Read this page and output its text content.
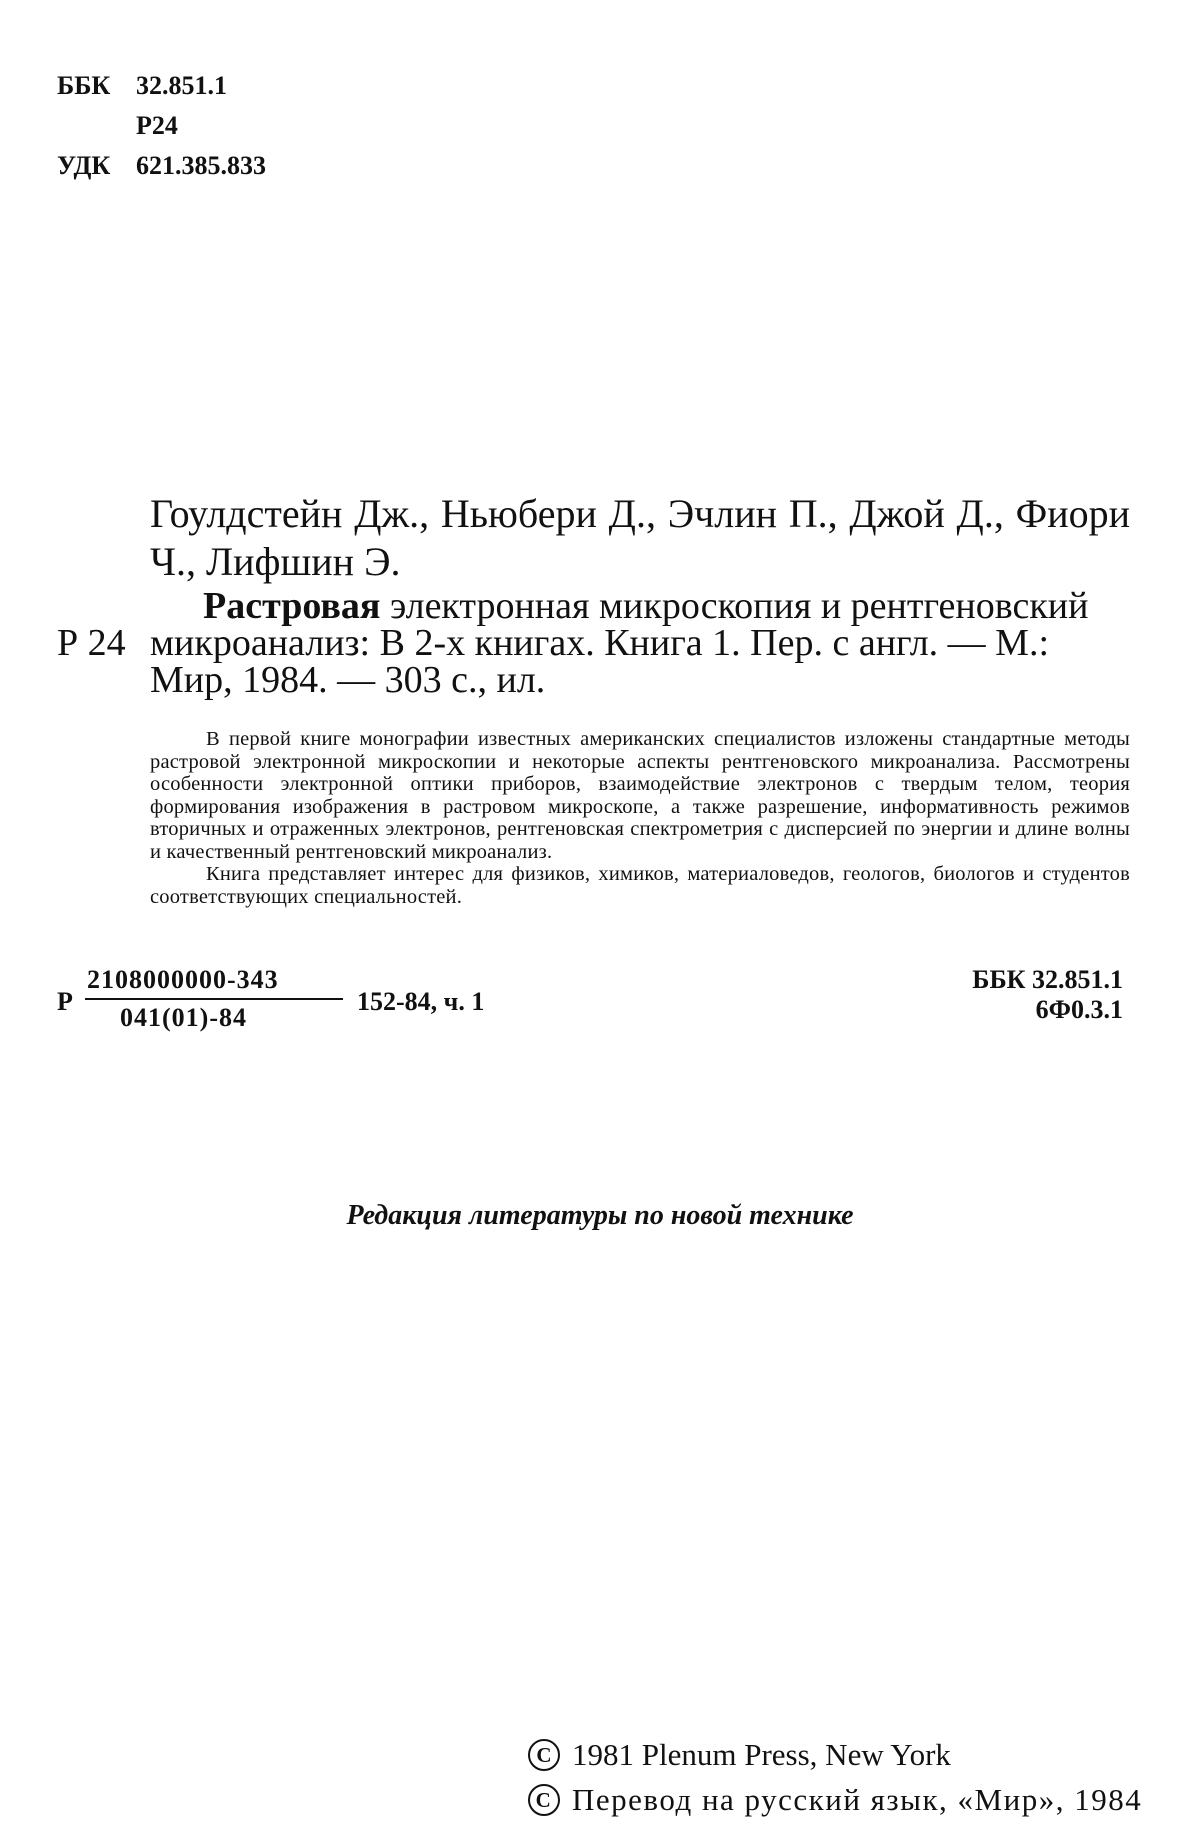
ББК 32.851.1
Р24
УДК 621.385.833
Гоулдстейн Дж., Ньюбери Д., Эчлин П., Джой Д., Фиори Ч., Лифшин Э.
Р 24
Растровая электронная микроскопия и рентгеновский микроанализ: В 2-х книгах. Книга 1. Пер. с англ. — М.: Мир, 1984. — 303 с., ил.

В первой книге монографии известных американских специалистов изложены стандартные методы растровой электронной микроскопии и некоторые аспекты рентгеновского микроанализа. Рассмотрены особенности электронной оптики приборов, взаимодействие электронов с твердым телом, теория формирования изображения в растровом микроскопе, а также разрешение, информативность режимов вторичных и отраженных электронов, рентгеновская спектрометрия с дисперсией по энергии и длине волны и качественный рентгеновский микроанализ.

Книга представляет интерес для физиков, химиков, материаловедов, геологов, биологов и студентов соответствующих специальностей.

Р
2108000000-343
041(01)-84
152-84, ч. 1
ББК 32.851.1
6Ф0.3.1
Редакция литературы по новой технике
C 1981 Plenum Press, New York
C Перевод на русский язык, «Мир», 1984
